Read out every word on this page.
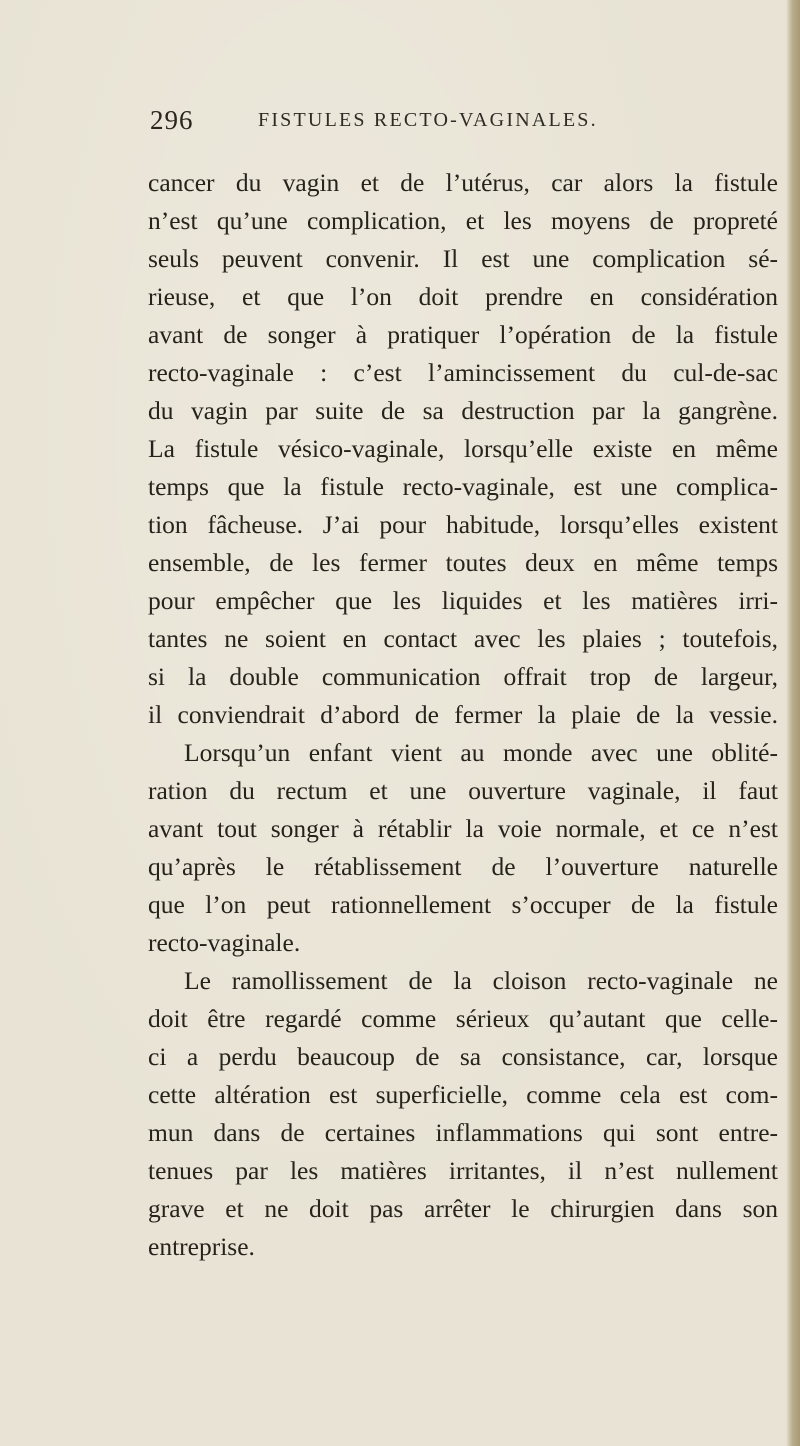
296	FISTULES RECTO-VAGINALES.
cancer du vagin et de l’utérus, car alors la fistule
n’est qu’une complication, et les moyens de propreté
seuls peuvent convenir. Il est une complication sé-
rieuse, et que l’on doit prendre en considération
avant de songer à pratiquer l’opération de la fistule
recto-vaginale : c’est l’amincissement du cul-de-sac
du vagin par suite de sa destruction par la gangrène.
La fistule vésico-vaginale, lorsqu’elle existe en même
temps que la fistule recto-vaginale, est une complica-
tion fâcheuse. J’ai pour habitude, lorsqu’elles existent
ensemble, de les fermer toutes deux en même temps
pour empêcher que les liquides et les matières irri-
tantes ne soient en contact avec les plaies ; toutefois,
si la double communication offrait trop de largeur,
il conviendrait d’abord de fermer la plaie de la vessie.
Lorsqu’un enfant vient au monde avec une oblité-
ration du rectum et une ouverture vaginale, il faut
avant tout songer à rétablir la voie normale, et ce n’est
qu’après le rétablissement de l’ouverture naturelle
que l’on peut rationnellement s’occuper de la fistule
recto-vaginale.
Le ramollissement de la cloison recto-vaginale ne
doit être regardé comme sérieux qu’autant que celle-
ci a perdu beaucoup de sa consistance, car, lorsque
cette altération est superficielle, comme cela est com-
mun dans de certaines inflammations qui sont entre-
tenues par les matières irritantes, il n’est nullement
grave et ne doit pas arrêter le chirurgien dans son
entreprise.
